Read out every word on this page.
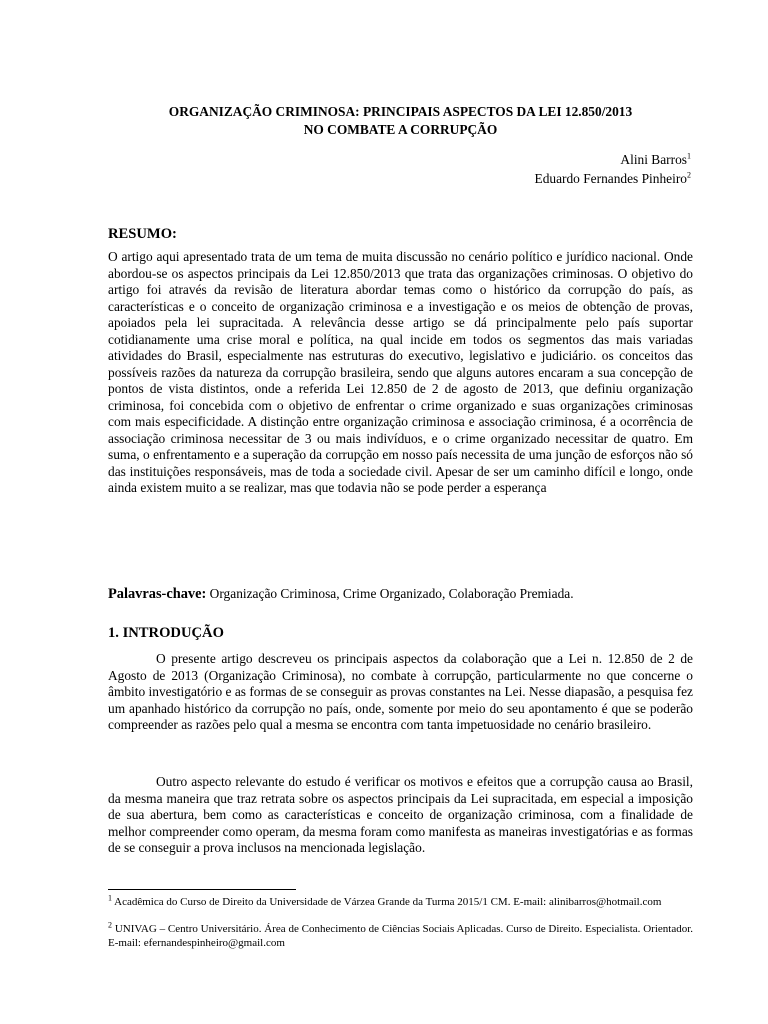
ORGANIZAÇÃO CRIMINOSA: PRINCIPAIS ASPECTOS DA LEI 12.850/2013
NO COMBATE A CORRUPÇÃO
Alini Barros$^1$
Eduardo Fernandes Pinheiro$^2$
RESUMO:

O artigo aqui apresentado trata de um tema de muita discussão no cenário político e jurídico nacional. Onde abordou-se os aspectos principais da Lei 12.850/2013 que trata das organizações criminosas. O objetivo do artigo foi através da revisão de literatura abordar temas como o histórico da corrupção do país, as características e o conceito de organização criminosa e a investigação e os meios de obtenção de provas, apoiados pela lei supracitada. A relevância desse artigo se dá principalmente pelo país suportar cotidianamente uma crise moral e política, na qual incide em todos os segmentos das mais variadas atividades do Brasil, especialmente nas estruturas do executivo, legislativo e judiciário. os conceitos das possíveis razões da natureza da corrupção brasileira, sendo que alguns autores encaram a sua concepção de pontos de vista distintos, onde a referida Lei 12.850 de 2 de agosto de 2013, que definiu organização criminosa, foi concebida com o objetivo de enfrentar o crime organizado e suas organizações criminosas com mais especificidade. A distinção entre organização criminosa e associação criminosa, é a ocorrência de associação criminosa necessitar de 3 ou mais indivíduos, e o crime organizado necessitar de quatro. Em suma, o enfrentamento e a superação da corrupção em nosso país necessita de uma junção de esforços não só das instituições responsáveis, mas de toda a sociedade civil. Apesar de ser um caminho difícil e longo, onde ainda existem muito a se realizar, mas que todavia não se pode perder a esperança

Palavras-chave: Organização Criminosa, Crime Organizado, Colaboração Premiada.
1. INTRODUÇÃO

O presente artigo descreveu os principais aspectos da colaboração que a Lei n. 12.850 de 2 de Agosto de 2013 (Organização Criminosa), no combate à corrupção, particularmente no que concerne o âmbito investigatório e as formas de se conseguir as provas constantes na Lei. Nesse diapasão, a pesquisa fez um apanhado histórico da corrupção no país, onde, somente por meio do seu apontamento é que se poderão compreender as razões pelo qual a mesma se encontra com tanta impetuosidade no cenário brasileiro.

Outro aspecto relevante do estudo é verificar os motivos e efeitos que a corrupção causa ao Brasil, da mesma maneira que traz retrata sobre os aspectos principais da Lei supracitada, em especial a imposição de sua abertura, bem como as características e conceito de organização criminosa, com a finalidade de melhor compreender como operam, da mesma foram como manifesta as maneiras investigatórias e as formas de se conseguir a prova inclusos na mencionada legislação.

$^1$ Acadêmica do Curso de Direito da Universidade de Várzea Grande da Turma 2015/1 CM. E-mail: alinibarros@hotmail.com

$^2$ UNIVAG – Centro Universitário. Área de Conhecimento de Ciências Sociais Aplicadas. Curso de Direito. Especialista. Orientador. E-mail: efernandespinheiro@gmail.com
